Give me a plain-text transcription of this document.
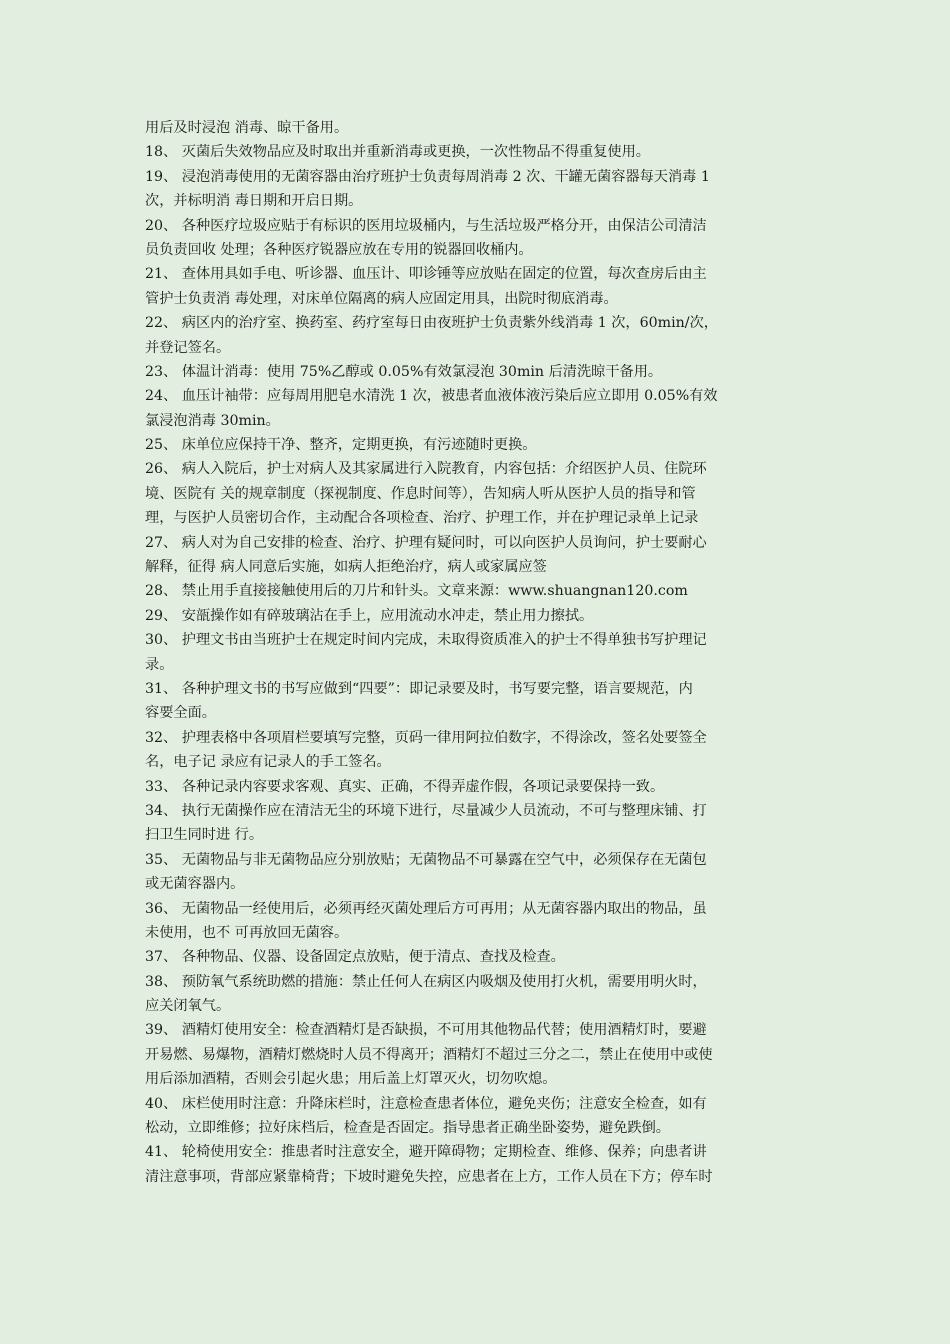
用后及时浸泡 消毒、晾干备用。
18、 灭菌后失效物品应及时取出并重新消毒或更换，一次性物品不得重复使用。
19、 浸泡消毒使用的无菌容器由治疗班护士负责每周消毒 2 次、干罐无菌容器每天消毒 1
次，并标明消 毒日期和开启日期。
20、 各种医疗垃圾应贴于有标识的医用垃圾桶内，与生活垃圾严格分开，由保洁公司清洁
员负责回收 处理；各种医疗锐器应放在专用的锐器回收桶内。
21、 查体用具如手电、听诊器、血压计、叩诊锤等应放贴在固定的位置，每次查房后由主
管护士负责消 毒处理，对床单位隔离的病人应固定用具，出院时彻底消毒。
22、 病区内的治疗室、换药室、药疗室每日由夜班护士负责紫外线消毒 1 次，60min/次，
并登记签名。
23、 体温计消毒：使用 75%乙醇或 0.05%有效氯浸泡 30min 后清洗晾干备用。
24、 血压计袖带：应每周用肥皂水清洗 1 次，被患者血液体液污染后应立即用 0.05%有效
氯浸泡消毒 30min。
25、 床单位应保持干净、整齐，定期更换，有污迹随时更换。
26、 病人入院后，护士对病人及其家属进行入院教育，内容包括：介绍医护人员、住院环
境、医院有 关的规章制度（探视制度、作息时间等），告知病人听从医护人员的指导和管
理，与医护人员密切合作，主动配合各项检查、治疗、护理工作，并在护理记录单上记录
27、 病人对为自己安排的检查、治疗、护理有疑问时，可以向医护人员询问，护士要耐心
解释，征得 病人同意后实施，如病人拒绝治疗，病人或家属应签
28、 禁止用手直接接触使用后的刀片和针头。文章来源：www.shuangnan120.com
29、 安瓿操作如有碎玻璃沾在手上，应用流动水冲走，禁止用力擦拭。
30、 护理文书由当班护士在规定时间内完成，未取得资质准入的护士不得单独书写护理记
录。
31、 各种护理文书的书写应做到“四要”：即记录要及时，书写要完整，语言要规范，内
容要全面。
32、 护理表格中各项眉栏要填写完整，页码一律用阿拉伯数字，不得涂改，签名处要签全
名，电子记 录应有记录人的手工签名。
33、 各种记录内容要求客观、真实、正确，不得弄虚作假，各项记录要保持一致。
34、 执行无菌操作应在清洁无尘的环境下进行，尽量减少人员流动，不可与整理床铺、打
扫卫生同时进 行。
35、 无菌物品与非无菌物品应分别放贴；无菌物品不可暴露在空气中，必须保存在无菌包
或无菌容器内。
36、 无菌物品一经使用后，必须再经灭菌处理后方可再用；从无菌容器内取出的物品，虽
未使用，也不 可再放回无菌容。
37、 各种物品、仪器、设备固定点放贴，便于清点、查找及检查。
38、 预防氧气系统助燃的措施：禁止任何人在病区内吸烟及使用打火机，需要用明火时，
应关闭氧气。
39、 酒精灯使用安全：检查酒精灯是否缺损，不可用其他物品代替；使用酒精灯时，要避
开易燃、易爆物，酒精灯燃烧时人员不得离开；酒精灯不超过三分之二，禁止在使用中或使
用后添加酒精，否则会引起火患；用后盖上灯罩灭火，切勿吹熄。
40、 床栏使用时注意：升降床栏时，注意检查患者体位，避免夹伤；注意安全检查，如有
松动，立即维修；拉好床档后，检查是否固定。指导患者正确坐卧姿势，避免跌倒。
41、 轮椅使用安全：推患者时注意安全，避开障碍物；定期检查、维修、保养；向患者讲
清注意事项，背部应紧靠椅背；下坡时避免失控，应患者在上方，工作人员在下方；停车时
